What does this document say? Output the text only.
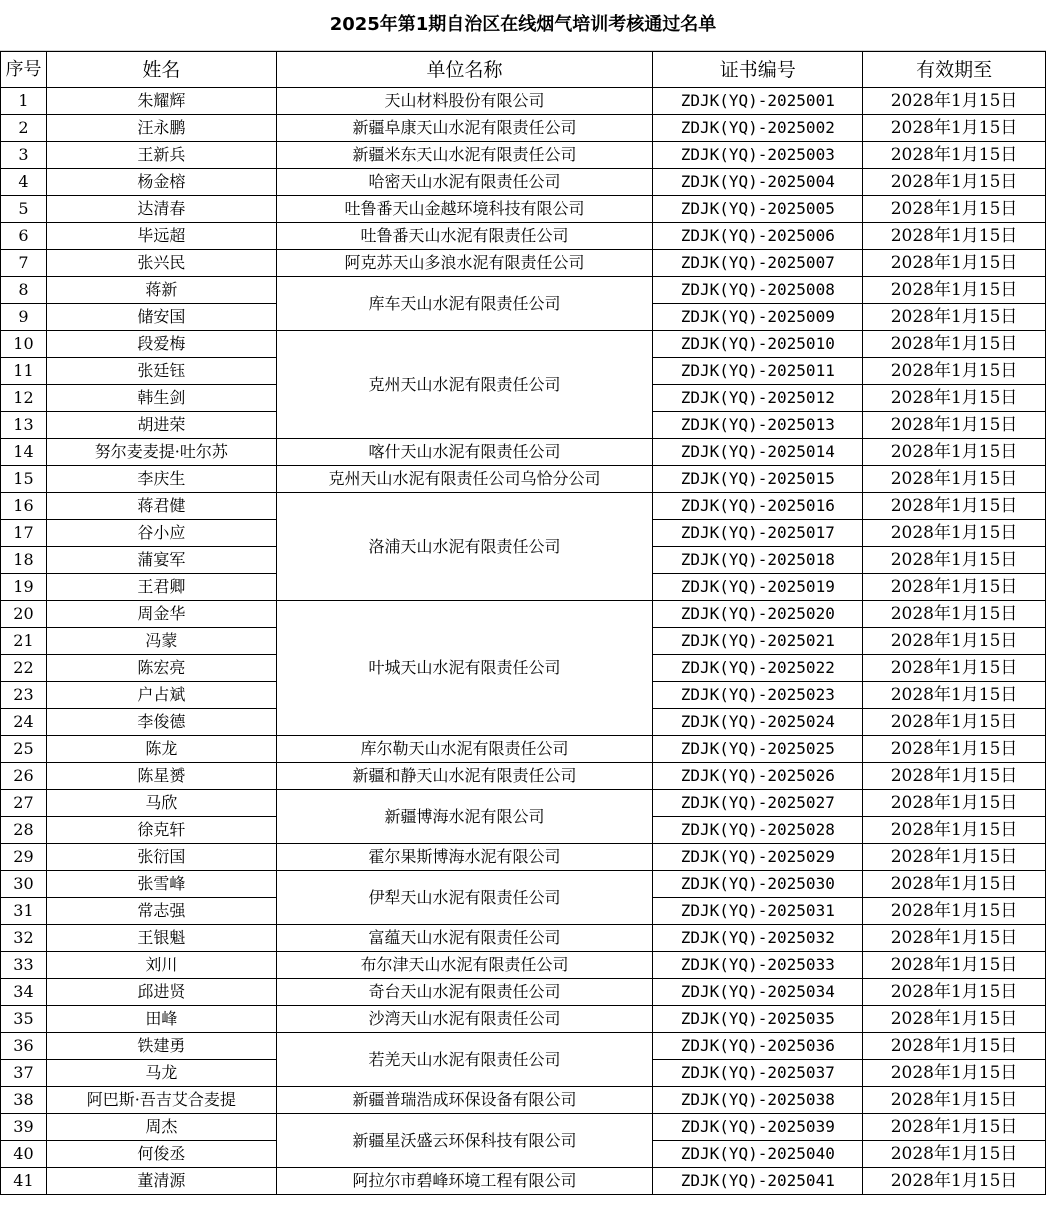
2025年第1期自治区在线烟气培训考核通过名单
序号	姓名	单位名称	证书编号	有效期至
1	朱耀辉	天山材料股份有限公司	ZDJK(YQ)-2025001	2028年1月15日
2	汪永鹏	新疆阜康天山水泥有限责任公司	ZDJK(YQ)-2025002	2028年1月15日
3	王新兵	新疆米东天山水泥有限责任公司	ZDJK(YQ)-2025003	2028年1月15日
4	杨金榕	哈密天山水泥有限责任公司	ZDJK(YQ)-2025004	2028年1月15日
5	达清春	吐鲁番天山金越环境科技有限公司	ZDJK(YQ)-2025005	2028年1月15日
6	毕远超	吐鲁番天山水泥有限责任公司	ZDJK(YQ)-2025006	2028年1月15日
7	张兴民	阿克苏天山多浪水泥有限责任公司	ZDJK(YQ)-2025007	2028年1月15日
8	蒋新	库车天山水泥有限责任公司	ZDJK(YQ)-2025008	2028年1月15日
9	储安国		ZDJK(YQ)-2025009	2028年1月15日
10	段爱梅	克州天山水泥有限责任公司	ZDJK(YQ)-2025010	2028年1月15日
11	张廷钰		ZDJK(YQ)-2025011	2028年1月15日
12	韩生剑		ZDJK(YQ)-2025012	2028年1月15日
13	胡进荣		ZDJK(YQ)-2025013	2028年1月15日
14	努尔麦麦提·吐尔苏	喀什天山水泥有限责任公司	ZDJK(YQ)-2025014	2028年1月15日
15	李庆生	克州天山水泥有限责任公司乌恰分公司	ZDJK(YQ)-2025015	2028年1月15日
16	蒋君健	洛浦天山水泥有限责任公司	ZDJK(YQ)-2025016	2028年1月15日
17	谷小应		ZDJK(YQ)-2025017	2028年1月15日
18	蒲宴军		ZDJK(YQ)-2025018	2028年1月15日
19	王君卿		ZDJK(YQ)-2025019	2028年1月15日
20	周金华	叶城天山水泥有限责任公司	ZDJK(YQ)-2025020	2028年1月15日
21	冯蒙		ZDJK(YQ)-2025021	2028年1月15日
22	陈宏亮		ZDJK(YQ)-2025022	2028年1月15日
23	户占斌		ZDJK(YQ)-2025023	2028年1月15日
24	李俊德		ZDJK(YQ)-2025024	2028年1月15日
25	陈龙	库尔勒天山水泥有限责任公司	ZDJK(YQ)-2025025	2028年1月15日
26	陈星赟	新疆和静天山水泥有限责任公司	ZDJK(YQ)-2025026	2028年1月15日
27	马欣	新疆博海水泥有限公司	ZDJK(YQ)-2025027	2028年1月15日
28	徐克轩		ZDJK(YQ)-2025028	2028年1月15日
29	张衍国	霍尔果斯博海水泥有限公司	ZDJK(YQ)-2025029	2028年1月15日
30	张雪峰	伊犁天山水泥有限责任公司	ZDJK(YQ)-2025030	2028年1月15日
31	常志强		ZDJK(YQ)-2025031	2028年1月15日
32	王银魁	富蕴天山水泥有限责任公司	ZDJK(YQ)-2025032	2028年1月15日
33	刘川	布尔津天山水泥有限责任公司	ZDJK(YQ)-2025033	2028年1月15日
34	邱进贤	奇台天山水泥有限责任公司	ZDJK(YQ)-2025034	2028年1月15日
35	田峰	沙湾天山水泥有限责任公司	ZDJK(YQ)-2025035	2028年1月15日
36	铁建勇	若羌天山水泥有限责任公司	ZDJK(YQ)-2025036	2028年1月15日
37	马龙		ZDJK(YQ)-2025037	2028年1月15日
38	阿巴斯·吾吉艾合麦提	新疆普瑞浩成环保设备有限公司	ZDJK(YQ)-2025038	2028年1月15日
39	周杰	新疆星沃盛云环保科技有限公司	ZDJK(YQ)-2025039	2028年1月15日
40	何俊丞		ZDJK(YQ)-2025040	2028年1月15日
41	董清源	阿拉尔市碧峰环境工程有限公司	ZDJK(YQ)-2025041	2028年1月15日
